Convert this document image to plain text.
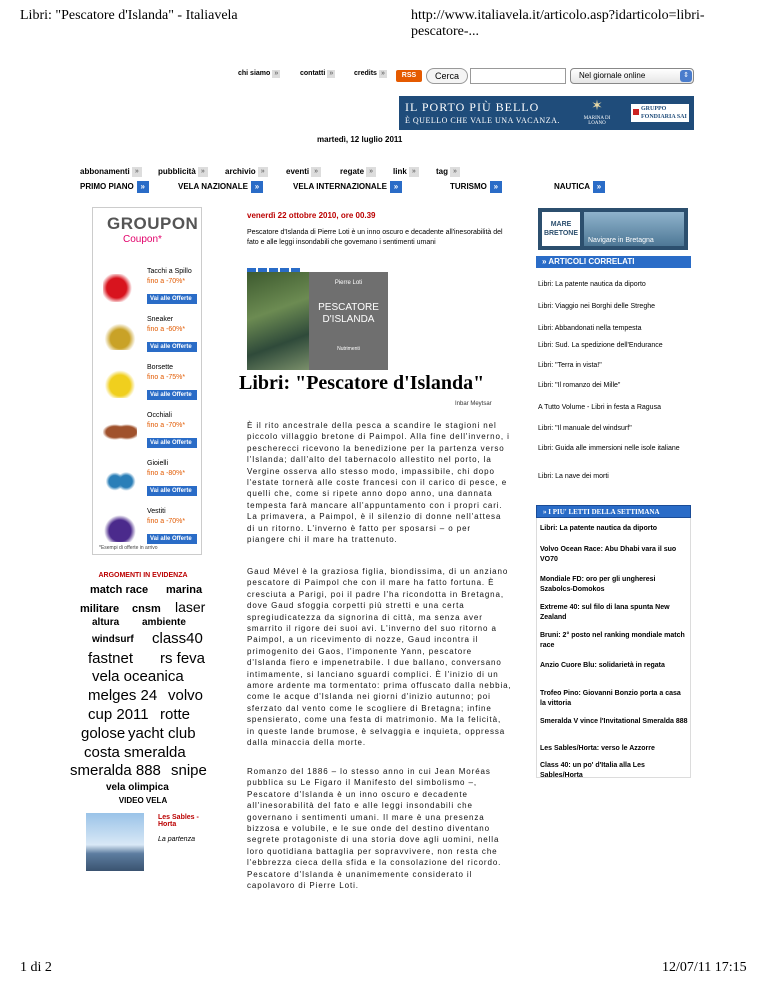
Libri: "Pescatore d'Islanda" - Italiavela	http://www.italiavela.it/articolo.asp?idarticolo=libri-pescatore-...
chi siamo »	contatti »	credits »	RSS	Cerca	Nel giornale online	⇕
IL PORTO PIÙ BELLO
È QUELLO CHE VALE UNA VACANZA.
✶
MARINA DI LOANO
GRUPPO
FONDIARIA SAI
martedì, 12 luglio 2011
abbonamenti »	pubblicità »	archivio »	eventi »	regate »	link »	tag »
PRIMO PIANO »	VELA NAZIONALE »	VELA INTERNAZIONALE »	TURISMO »	NAUTICA »
GROUPON
Coupon*
Tacchi a Spillo
fino a -70%*
Vai alle Offerte
Sneaker
fino a -60%*
Vai alle Offerte
Borsette
fino a -75%*
Vai alle Offerte
Occhiali
fino a -70%*
Vai alle Offerte
Gioielli
fino a -80%*
Vai alle Offerte
Vestiti
fino a -70%*
Vai alle Offerte
*Esempi di offerte in arrivo
ARGOMENTI IN EVIDENZA
match race marina
militare cnsm laser
altura ambiente
windsurf class40
fastnet rs feva
vela oceanica
melges 24 volvo
cup 2011 rotte
golose yacht club
costa smeralda
smeralda 888 snipe
vela olimpica
VIDEO VELA
Les Sables - Horta
La partenza
venerdì 22 ottobre 2010, ore 00.39
Pescatore d'Islanda di Pierre Loti è un inno oscuro e decadente all'inesorabilità del fato e alle leggi insondabili che governano i sentimenti umani
Pierre Loti
PESCATORE D'ISLANDA
Nutrimenti
Libri: "Pescatore d'Islanda"
Inbar Meytsar
È il rito ancestrale della pesca a scandire le stagioni nel piccolo villaggio bretone di Paimpol. Alla fine dell'inverno, i pescherecci ricevono la benedizione per la partenza verso l'Islanda; dall'alto del tabernacolo allestito nel porto, la Vergine osserva allo stesso modo, impassibile, chi dopo l'estate tornerà alle coste francesi con il carico di pesce, e quelli che, come si ripete anno dopo anno, una dannata tempesta farà mancare all'appuntamento con i propri cari. La primavera, a Paimpol, è il silenzio di donne nell'attesa di un ritorno. L'inverno è fatto per sposarsi – o per piangere chi il mare ha trattenuto.
Gaud Mével è la graziosa figlia, biondissima, di un anziano pescatore di Paimpol che con il mare ha fatto fortuna. È cresciuta a Parigi, poi il padre l'ha ricondotta in Bretagna, dove Gaud sfoggia corpetti più stretti e una certa spregiudicatezza da signorina di città, ma senza aver smarrito il rigore dei suoi avi. L'inverno del suo ritorno a Paimpol, a un ricevimento di nozze, Gaud incontra il primogenito dei Gaos, l'imponente Yann, pescatore d'Islanda fiero e impenetrabile. I due ballano, conversano intimamente, si lanciano sguardi complici. È l'inizio di un amore ardente ma tormentato: prima offuscato dalla nebbia, come le acque d'Islanda nei giorni d'inizio autunno; poi sferzato dal vento come le scogliere di Bretagna; infine spensierato, come una festa di matrimonio. Ma la felicità, in queste lande brumose, è selvaggia e inquieta, oppressa dalla minaccia della morte.
Romanzo del 1886 – lo stesso anno in cui Jean Moréas pubblica su Le Figaro il Manifesto del simbolismo –, Pescatore d'Islanda è un inno oscuro e decadente all'inesorabilità del fato e alle leggi insondabili che governano i sentimenti umani. Il mare è una presenza bizzosa e volubile, e le sue onde del destino diventano segrete protagoniste di una storia dove agli uomini, nella loro quotidiana battaglia per sopravvivere, non resta che l'ebbrezza cieca della sfida e la consolazione del ricordo. Pescatore d'Islanda è unanimemente considerato il capolavoro di Pierre Loti.
MARE BRETONE
Navigare in Bretagna
» ARTICOLI CORRELATI
Libri: La patente nautica da diporto
Libri: Viaggio nei Borghi delle Streghe
Libri: Abbandonati nella tempesta
Libri: Sud. La spedizione dell'Endurance
Libri: "Terra in vista!"
Libri: "Il romanzo dei Mille"
A Tutto Volume - Libri in festa a Ragusa
Libri: "Il manuale del windsurf"
Libri: Guida alle immersioni nelle isole italiane
Libri: La nave dei morti
» I PIU' LETTI DELLA SETTIMANA
Libri: La patente nautica da diporto
Volvo Ocean Race: Abu Dhabi vara il suo VO70
Mondiale FD: oro per gli ungheresi Szabolcs-Domokos
Extreme 40: sul filo di lana spunta New Zealand
Bruni: 2° posto nel ranking mondiale match race
Anzio Cuore Blu: solidarietà in regata
Trofeo Pino: Giovanni Bonzio porta a casa la vittoria
Smeralda V vince l'Invitational Smeralda 888
Les Sables/Horta: verso le Azzorre
Class 40: un po' d'Italia alla Les Sables/Horta
1 di 2	12/07/11 17:15
